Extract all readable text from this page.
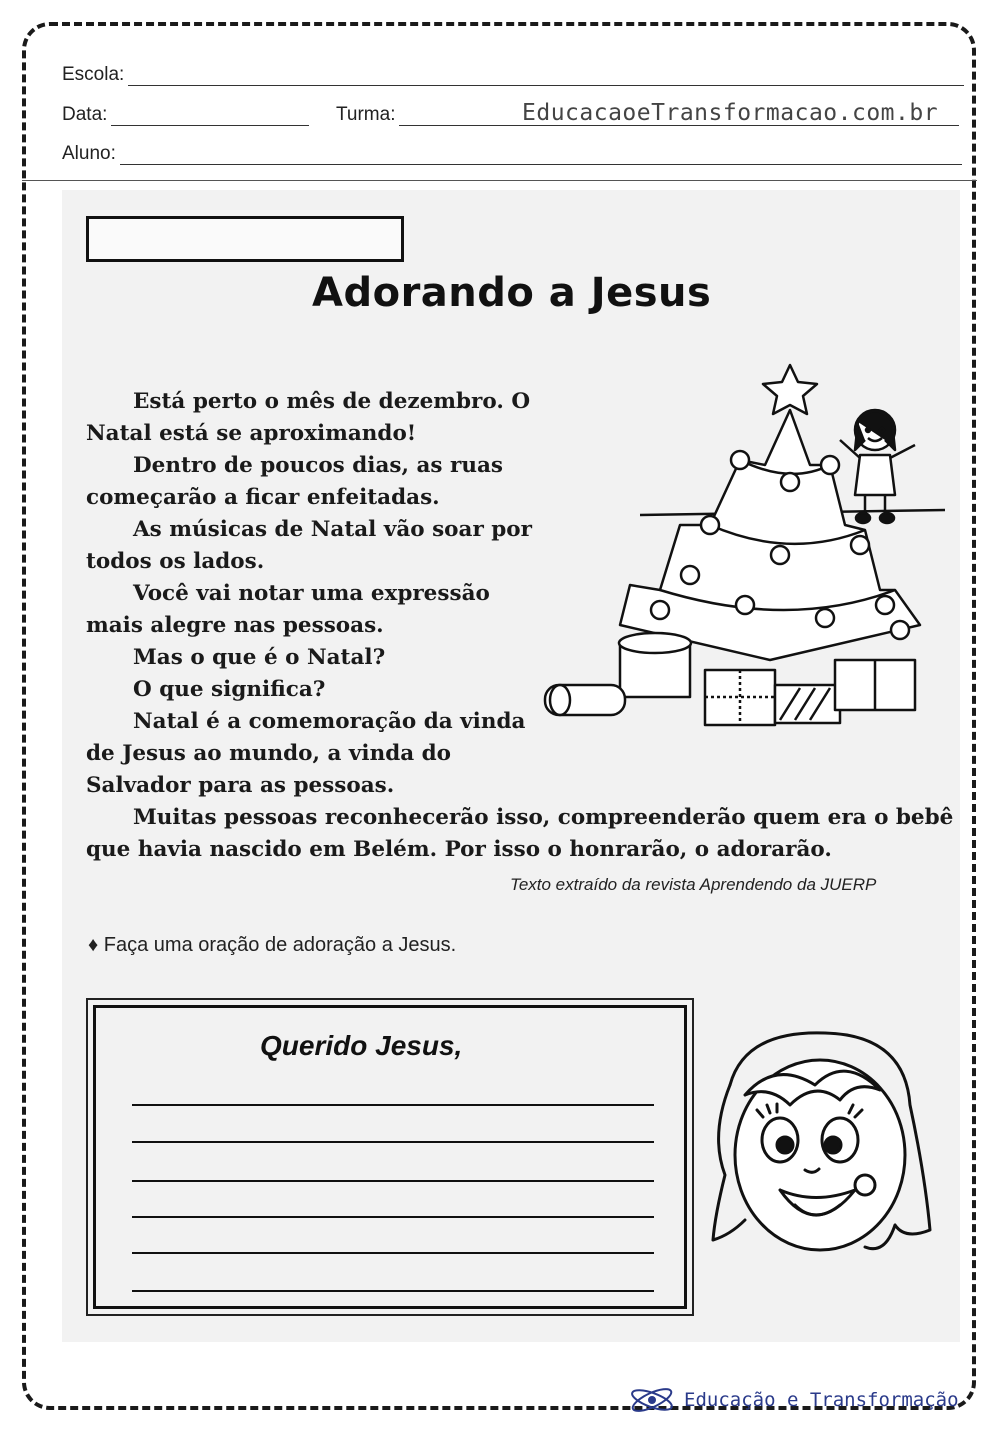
Escola:
Data:	Turma:	EducacaoeTransformacao.com.br
Aluno:
Adorando a Jesus

Está perto o mês de dezembro. O

Natal está se aproximando!

Dentro de poucos dias, as ruas

começarão a ficar enfeitadas.

As músicas de Natal vão soar por

todos os lados.

Você vai notar uma expressão

mais alegre nas pessoas.

Mas o que é o Natal?

O que significa?

Natal é a comemoração da vinda

de Jesus ao mundo, a vinda do

Salvador para as pessoas.

Muitas pessoas reconhecerão isso, compreenderão quem era o bebê

que havia nascido em Belém. Por isso o honrarão, o adorarão.

Texto extraído da revista Aprendendo da JUERP
♦ Faça uma oração de adoração a Jesus.
Querido Jesus,
Educação e Transformação
